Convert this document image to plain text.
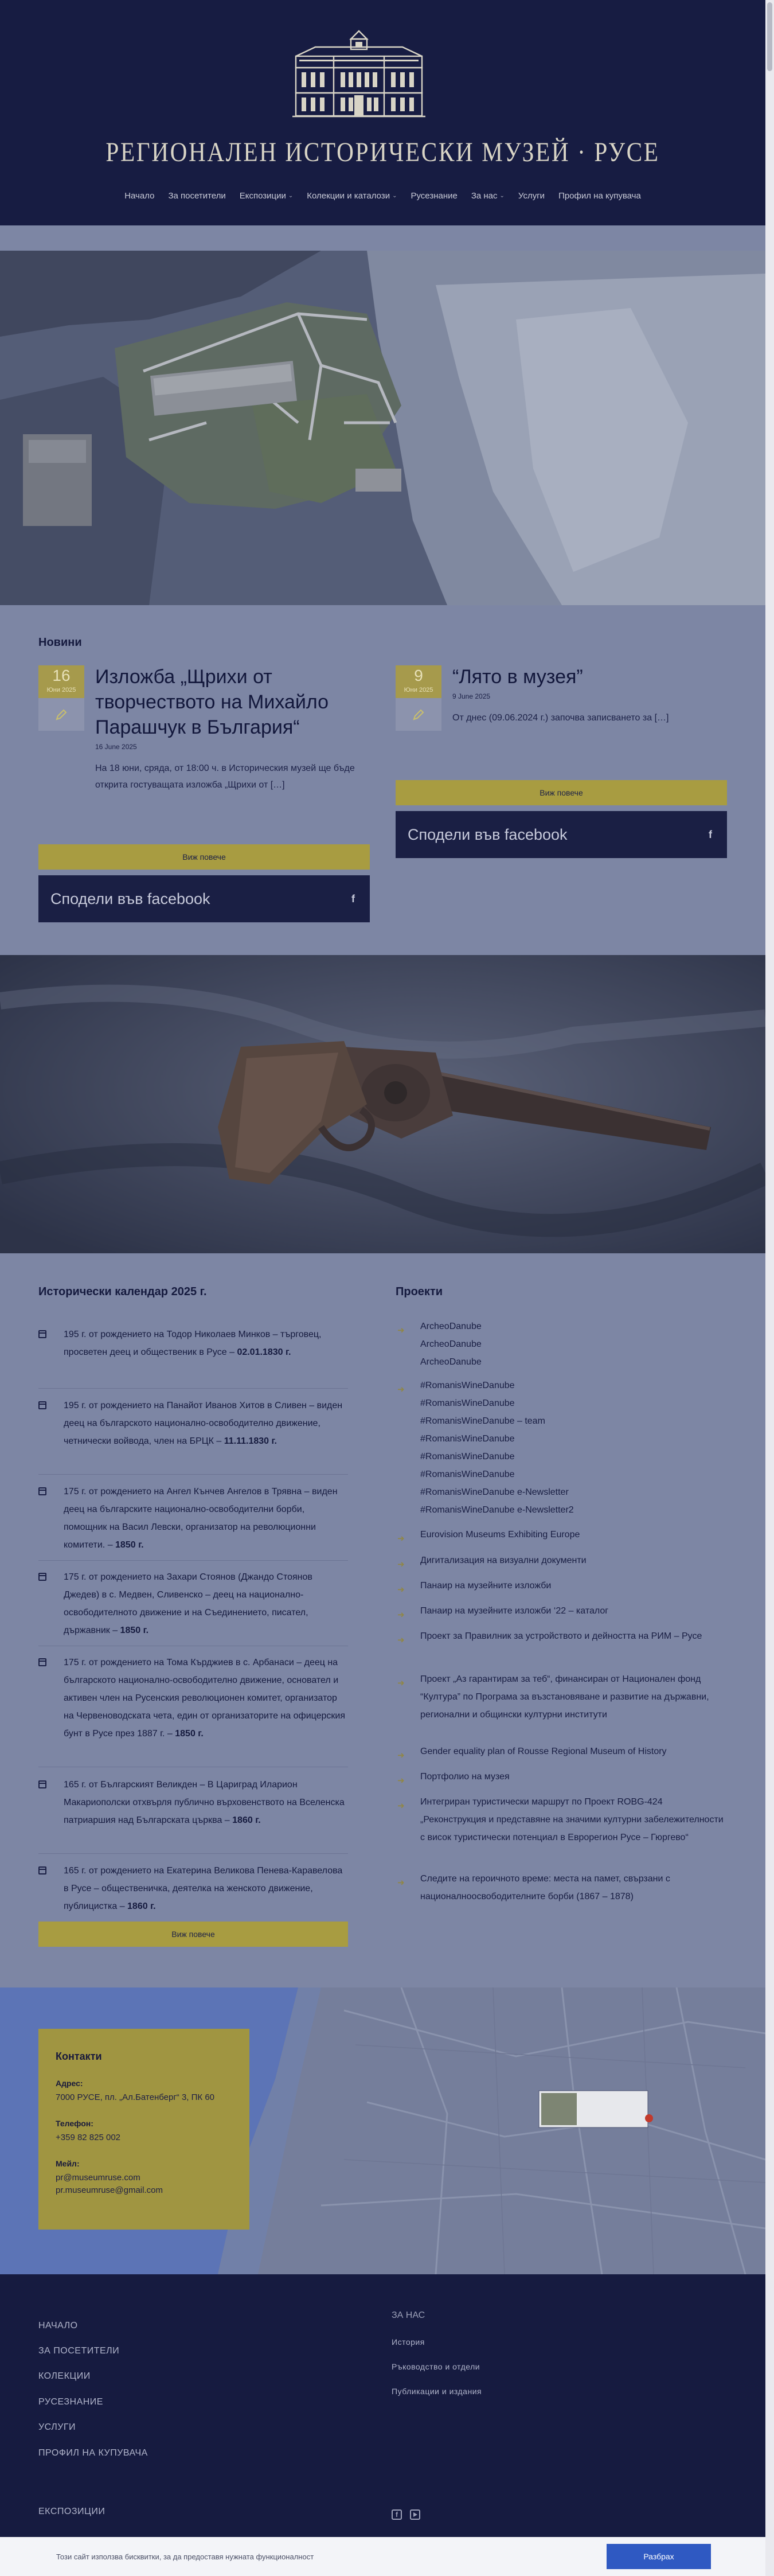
РЕГИОНАЛЕН ИСТОРИЧЕСКИ МУЗЕЙ · РУСЕ
Начало За посетители Експозиции ⌄ Колекции и каталози ⌄ Русезнание За нас ⌄ Услуги Профил на купувача
Новини
16
Юни 2025
Изложба „Щрихи от творчеството на Михайло Парашчук в България“
16 June 2025
На 18 юни, сряда, от 18:00 ч. в Историческия музей ще бъде открита гостуващата изложба „Щрихи от […]
Виж повече
Сподели във facebook	f
9
Юни 2025
“Лято в музея”
9 June 2025
От днес (09.06.2024 г.) започва записването за […]
Виж повече
Сподели във facebook	f
Исторически календар 2025 г.	Проекти

195 г. от рождението на Тодор Николаев Минков – търговец, просветен деец и общественик в Русе – 02.01.1830 г.

195 г. от рождението на Панайот Иванов Хитов в Сливен – виден деец на българското национално-освободително движение, четнически войвода, член на БРЦК – 11.11.1830 г.

175 г. от рождението на Ангел Кънчев Ангелов в Трявна – виден деец на българските национално-освободителни борби, помощник на Васил Левски, организатор на революционни комитети. – 1850 г.

175 г. от рождението на Захари Стоянов (Джандо Стоянов Джедев) в с. Медвен, Сливенско – деец на национално-освободителното движение и на Съединението, писател, държавник – 1850 г.

175 г. от рождението на Тома Кърджиев в с. Арбанаси – деец на българското национално-освободително движение, основател и активен член на Русенския революционен комитет, организатор на Червеноводската чета, един от организаторите на офицерския бунт в Русе през 1887 г. – 1850 г.

165 г. от Българският Великден – В Цариград Иларион Макариополски отхвърля публично върховенството на Вселенска патриаршия над Българската църква – 1860 г.

165 г. от рождението на Екатерина Великова Пенева-Каравелова в Русе – общественичка, деятелка на женското движение, публицистка – 1860 г.

Виж повече
➜ ArcheoDanube
ArcheoDanube
ArcheoDanube
➜ #RomanisWineDanube
#RomanisWineDanube
#RomanisWineDanube – team
#RomanisWineDanube
#RomanisWineDanube
#RomanisWineDanube
#RomanisWineDanube e-Newsletter
#RomanisWineDanube e-Newsletter2
➜ Eurovision Museums Exhibiting Europe
➜ Дигитализация на визуални документи
➜ Панаир на музейните изложби
➜ Панаир на музейните изложби ‘22 – каталог
➜ Проект за Правилник за устройството и дейността на РИМ – Русе
➜ Проект „Аз гарантирам за теб“, финансиран от Национален фонд “Култура” по Програма за възстановяване и развитие на държавни, регионални и общински културни институти
➜ Gender equality plan of Rousse Regional Museum of History
➜ Портфолио на музея
➜ Интегриран туристически маршрут по Проект ROBG-424 „Реконструкция и представяне на значими културни забележителности с висок туристически потенциал в Еврорегион Русе – Гюргево“
➜ Следите на героичното време: места на памет, свързани с националноосвободителните борби (1867 – 1878)
Контакти
Адрес:
7000 РУСЕ, пл. „Ал.Батенберг“ 3, ПК 60
Телефон:
+359 82 825 002
Мейл:
pr@museumruse.com
pr.museumruse@gmail.com
НАЧАЛО
ЗА ПОСЕТИТЕЛИ
КОЛЕКЦИИ
РУСЕЗНАНИЕ
УСЛУГИ
ПРОФИЛ НА КУПУВАЧА
ЗА НАС
История
Ръководство и отдели
Публикации и издания
ЕКСПОЗИЦИИ	f
Този сайт използва бисквитки, за да предоставя нужната функционалност	Разбрах
